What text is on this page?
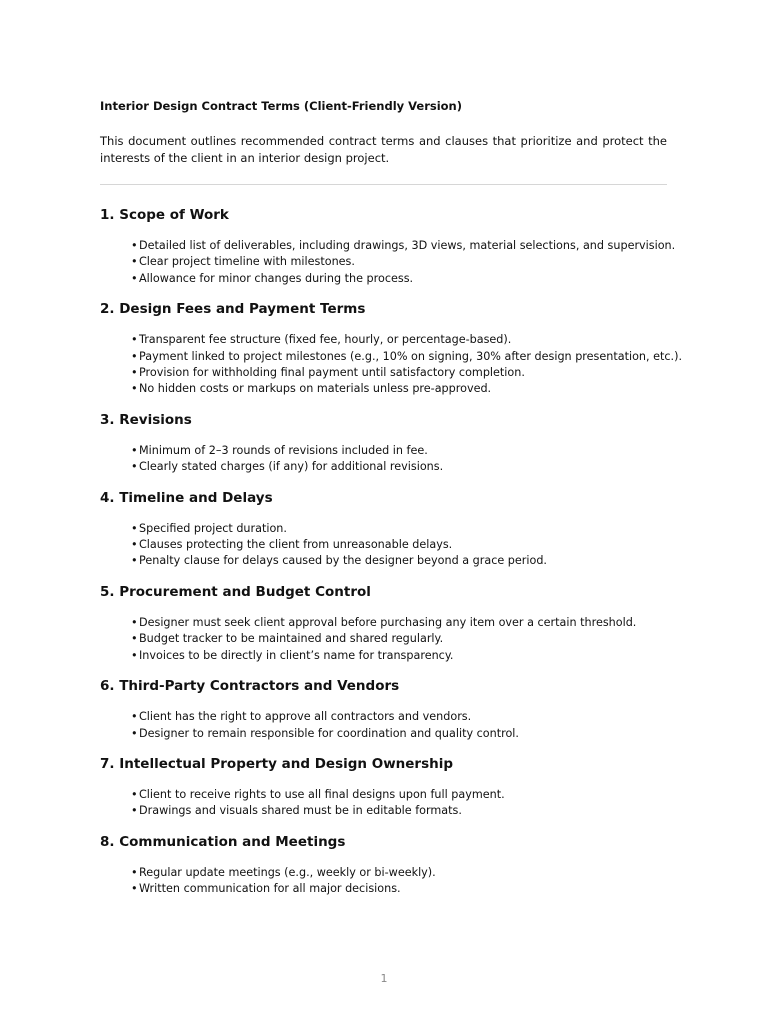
Interior Design Contract Terms (Client-Friendly Version)

This document outlines recommended contract terms and clauses that prioritize and protect the interests of the client in an interior design project.

1. Scope of Work
•Detailed list of deliverables, including drawings, 3D views, material selections, and supervision.
•Clear project timeline with milestones.
•Allowance for minor changes during the process.
2. Design Fees and Payment Terms
•Transparent fee structure (fixed fee, hourly, or percentage-based).
•Payment linked to project milestones (e.g., 10% on signing, 30% after design presentation, etc.).
•Provision for withholding final payment until satisfactory completion.
•No hidden costs or markups on materials unless pre-approved.
3. Revisions
•Minimum of 2–3 rounds of revisions included in fee.
•Clearly stated charges (if any) for additional revisions.
4. Timeline and Delays
•Specified project duration.
•Clauses protecting the client from unreasonable delays.
•Penalty clause for delays caused by the designer beyond a grace period.
5. Procurement and Budget Control
•Designer must seek client approval before purchasing any item over a certain threshold.
•Budget tracker to be maintained and shared regularly.
•Invoices to be directly in client’s name for transparency.
6. Third-Party Contractors and Vendors
•Client has the right to approve all contractors and vendors.
•Designer to remain responsible for coordination and quality control.
7. Intellectual Property and Design Ownership
•Client to receive rights to use all final designs upon full payment.
•Drawings and visuals shared must be in editable formats.
8. Communication and Meetings
•Regular update meetings (e.g., weekly or bi-weekly).
•Written communication for all major decisions.
1
